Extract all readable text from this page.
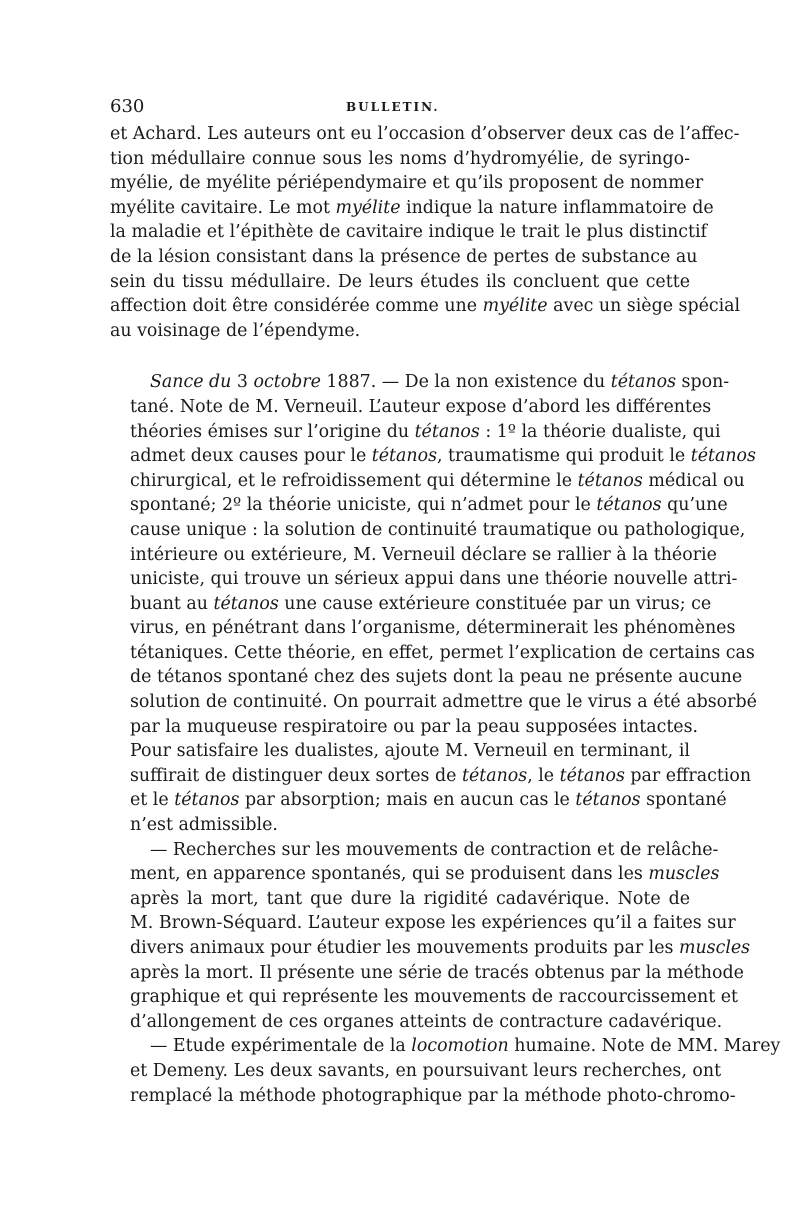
630	BULLETIN.
et Achard. Les auteurs ont eu l’occasion d’observer deux cas de l’affec-
tion médullaire connue sous les noms d’hydromyélie, de syringo-
myélie, de myélite périépendymaire et qu’ils proposent de nommer
myélite cavitaire. Le mot myélite indique la nature inflammatoire de
la maladie et l’épithète de cavitaire indique le trait le plus distinctif
de la lésion consistant dans la présence de pertes de substance au
sein du tissu médullaire. De leurs études ils concluent que cette
affection doit être considérée comme une myélite avec un siège spécial
au voisinage de l’épendyme.
Sance du 3 octobre 1887. — De la non existence du tétanos spon-
tané. Note de M. Verneuil. L’auteur expose d’abord les différentes
théories émises sur l’origine du tétanos : 1º la théorie dualiste, qui
admet deux causes pour le tétanos, traumatisme qui produit le tétanos
chirurgical, et le refroidissement qui détermine le tétanos médical ou
spontané; 2º la théorie uniciste, qui n’admet pour le tétanos qu’une
cause unique : la solution de continuité traumatique ou pathologique,
intérieure ou extérieure, M. Verneuil déclare se rallier à la théorie
uniciste, qui trouve un sérieux appui dans une théorie nouvelle attri-
buant au tétanos une cause extérieure constituée par un virus; ce
virus, en pénétrant dans l’organisme, déterminerait les phénomènes
tétaniques. Cette théorie, en effet, permet l’explication de certains cas
de tétanos spontané chez des sujets dont la peau ne présente aucune
solution de continuité. On pourrait admettre que le virus a été absorbé
par la muqueuse respiratoire ou par la peau supposées intactes.
Pour satisfaire les dualistes, ajoute M. Verneuil en terminant, il
suffirait de distinguer deux sortes de tétanos, le tétanos par effraction
et le tétanos par absorption; mais en aucun cas le tétanos spontané
n’est admissible.
— Recherches sur les mouvements de contraction et de relâche-
ment, en apparence spontanés, qui se produisent dans les muscles
après la mort, tant que dure la rigidité cadavérique. Note de
M. Brown-Séquard. L’auteur expose les expériences qu’il a faites sur
divers animaux pour étudier les mouvements produits par les muscles
après la mort. Il présente une série de tracés obtenus par la méthode
graphique et qui représente les mouvements de raccourcissement et
d’allongement de ces organes atteints de contracture cadavérique.
— Etude expérimentale de la locomotion humaine. Note de MM. Marey
et Demeny. Les deux savants, en poursuivant leurs recherches, ont
remplacé la méthode photographique par la méthode photo-chromo-
